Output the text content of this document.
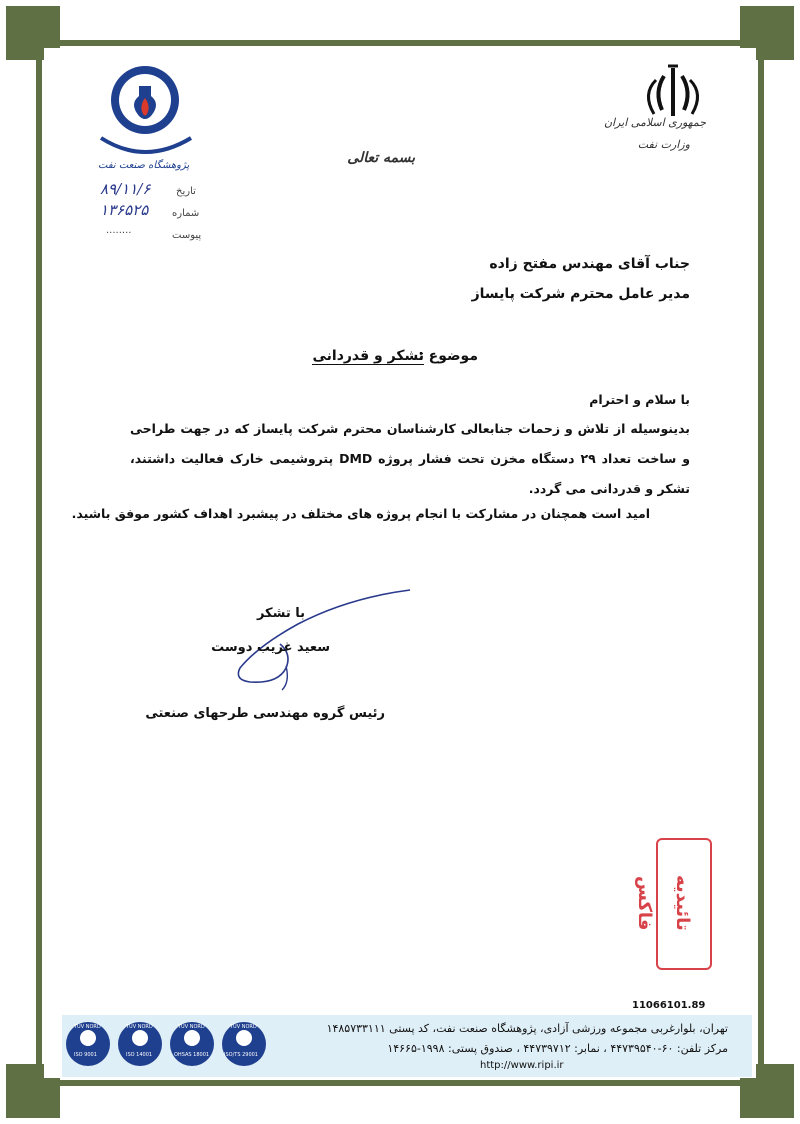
جمهوری اسلامی ایران
وزارت نفت
پژوهشگاه صنعت نفت	بسمه تعالی
تاریخ
۸۹/۱۱/۶
شماره
۱۳۶۵۲۵
پیوست
........
جناب آقای مهندس مفتح زاده
مدیر عامل محترم شرکت پایساز
موضوع :
تشکر و قدردانی
با سلام و احترام
بدینوسیله از تلاش و زحمات جنابعالی کارشناسان محترم شرکت پایساز که در جهت طراحی و ساخت تعداد ۲۹ دستگاه مخزن تحت فشار پروژه DMD پتروشیمی خارک فعالیت داشتند، تشکر و قدردانی می گردد.
امید است همچنان در مشارکت با انجام پروژه های مختلف در پیشبرد اهداف کشور موفق باشید.
با تشکر
سعید غریب دوست
رئیس گروه مهندسی طرحهای صنعتی
تائیدیه فاکس
11066101.89
TÜV NORD
ISO 9001
TÜV NORD
ISO 14001
TÜV NORD
OHSAS 18001
TÜV NORD
ISO/TS 29001
تهران، بلوارغربی مجموعه ورزشی آزادی، پژوهشگاه صنعت نفت، کد پستی ۱۴۸۵۷۳۳۱۱۱
مرکز تلفن: ۶۰-۴۴۷۳۹۵۴۰ ، نمابر: ۴۴۷۳۹۷۱۲ ، صندوق پستی: ۱۹۹۸-۱۴۶۶۵
http://www.ripi.ir
